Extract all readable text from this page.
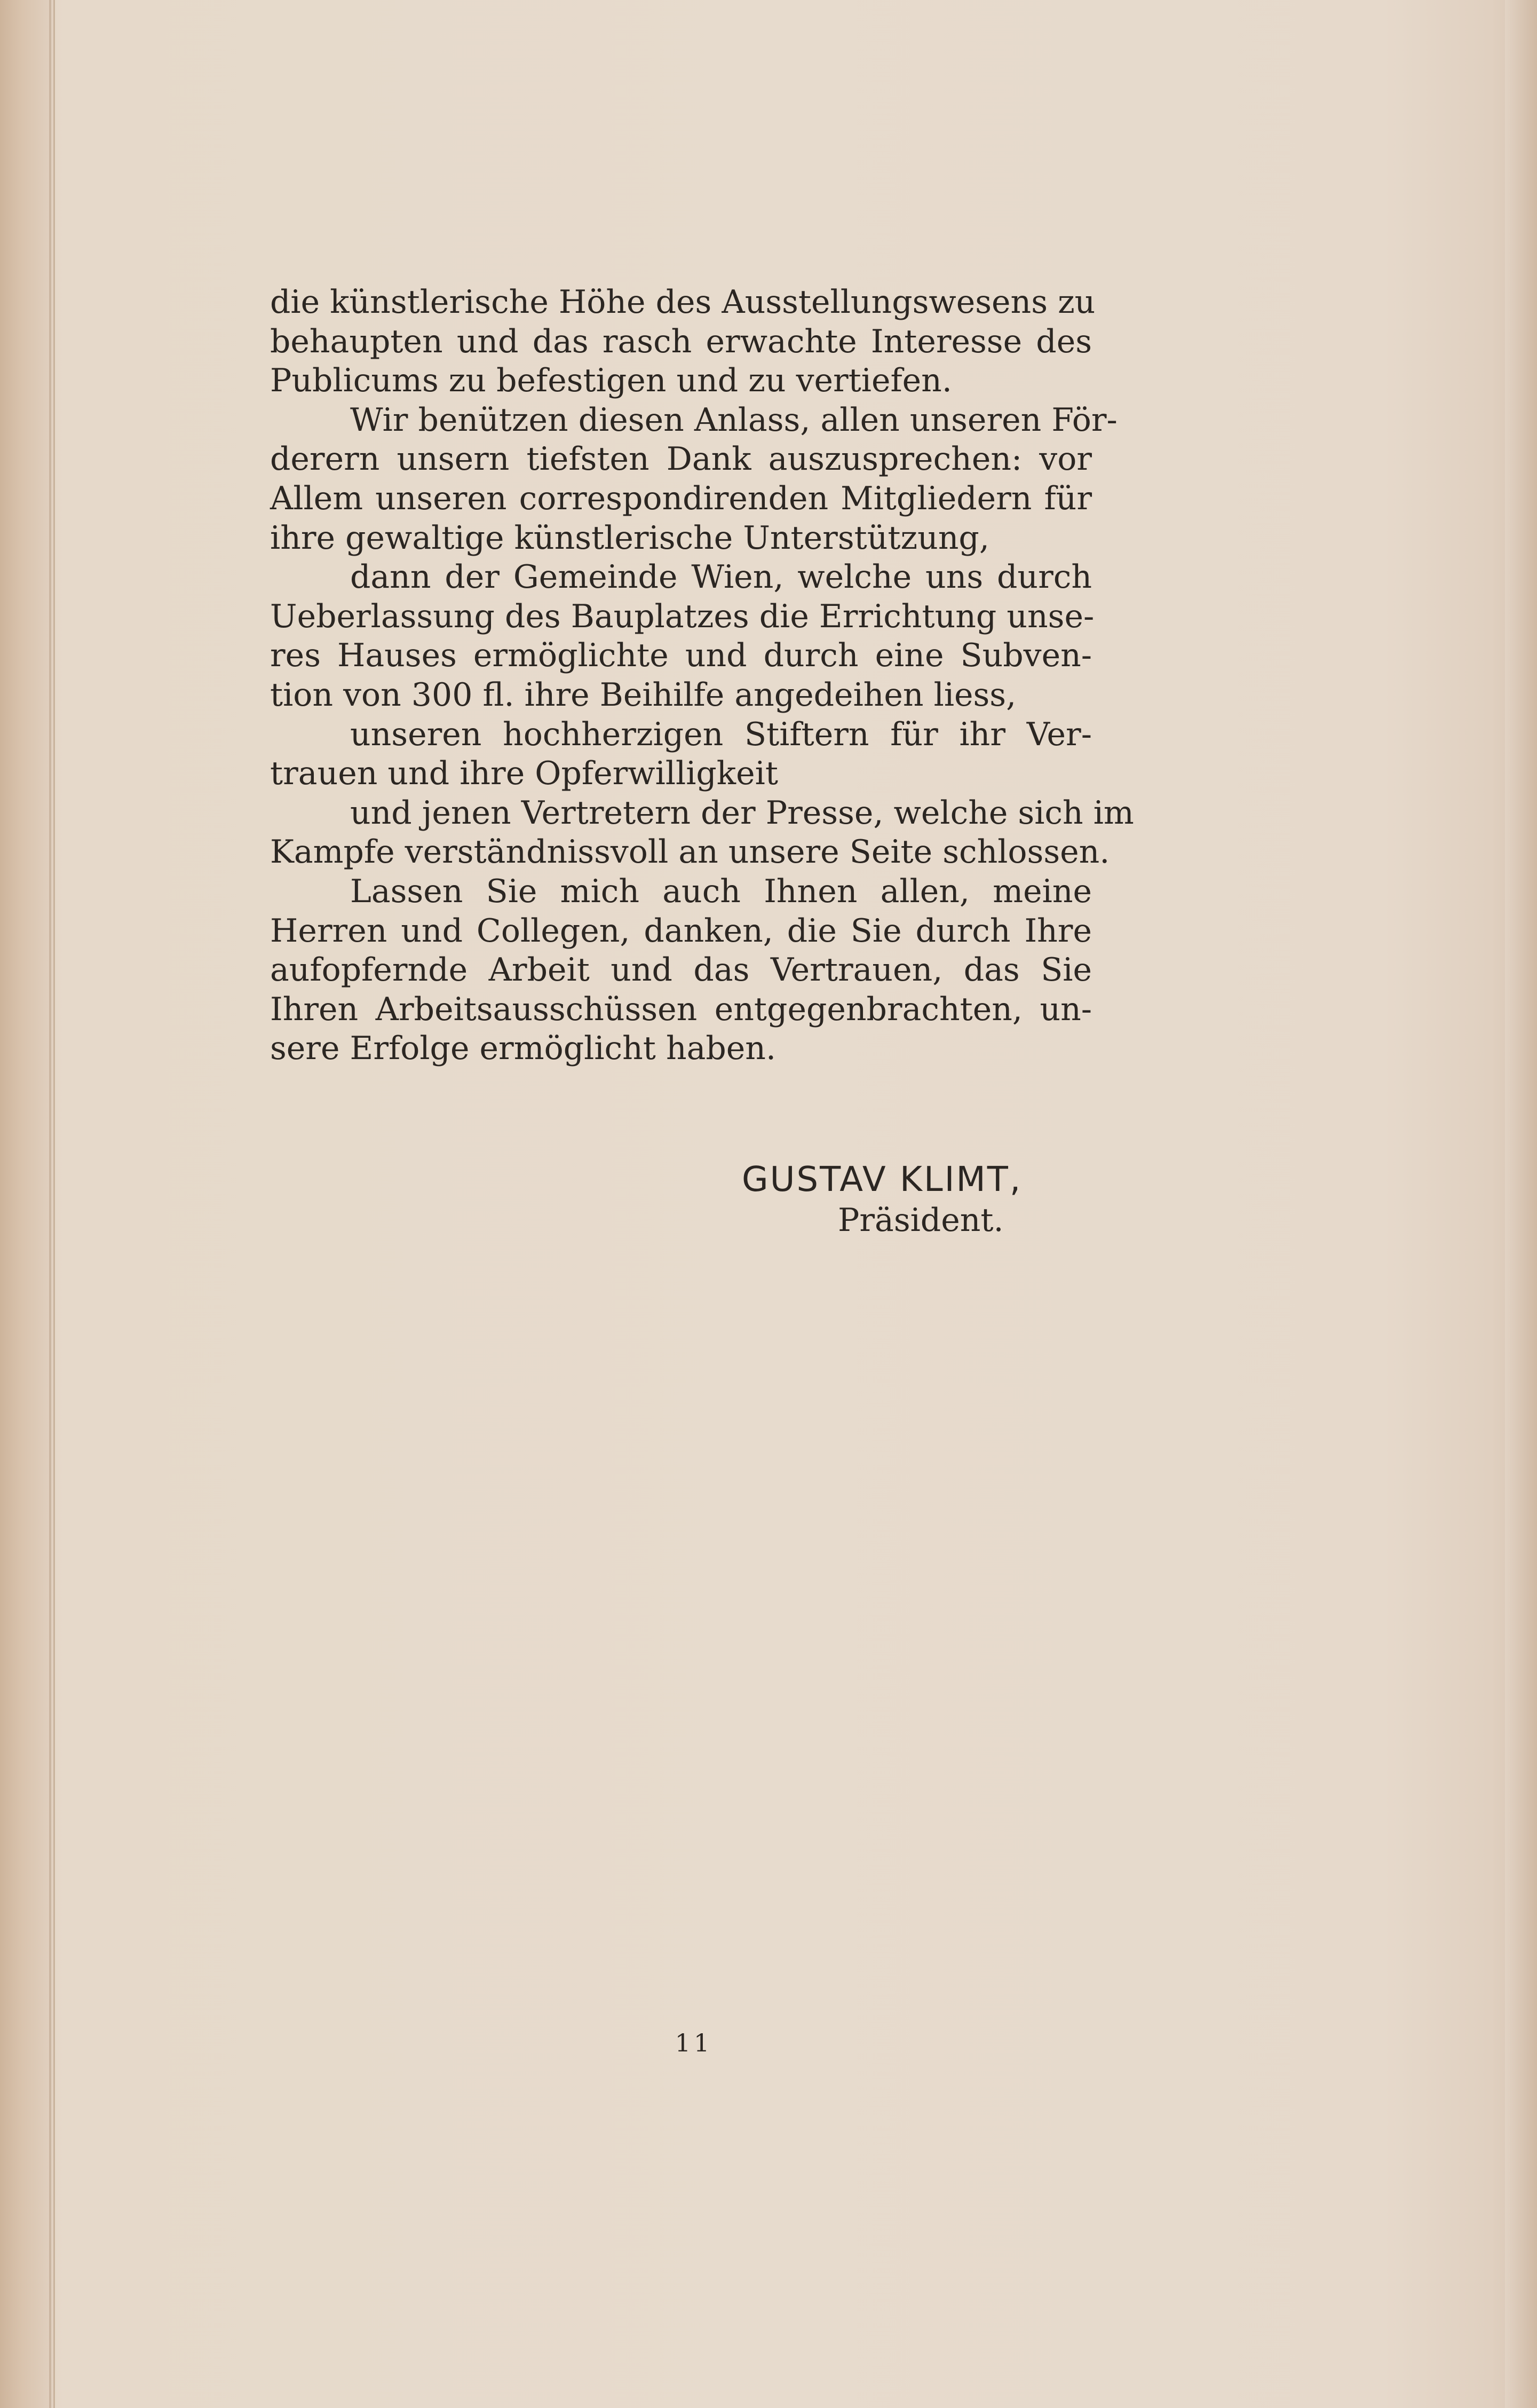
die künstlerische Höhe des Ausstellungswesens zu
behaupten und das rasch erwachte Interesse des
Publicums zu befestigen und zu vertiefen.
Wir benützen diesen Anlass, allen unseren För-
derern unsern tiefsten Dank auszusprechen: vor
Allem unseren correspondirenden Mitgliedern für
ihre gewaltige künstlerische Unterstützung,
dann der Gemeinde Wien, welche uns durch
Ueberlassung des Bauplatzes die Errichtung unse-
res Hauses ermöglichte und durch eine Subven-
tion von 300 fl. ihre Beihilfe angedeihen liess,
unseren hochherzigen Stiftern für ihr Ver-
trauen und ihre Opferwilligkeit
und jenen Vertretern der Presse, welche sich im
Kampfe verständnissvoll an unsere Seite schlossen.
Lassen Sie mich auch Ihnen allen, meine
Herren und Collegen, danken, die Sie durch Ihre
aufopfernde Arbeit und das Vertrauen, das Sie
Ihren Arbeitsausschüssen entgegenbrachten, un-
sere Erfolge ermöglicht haben.
GUSTAV KLIMT,
Präsident.
11
